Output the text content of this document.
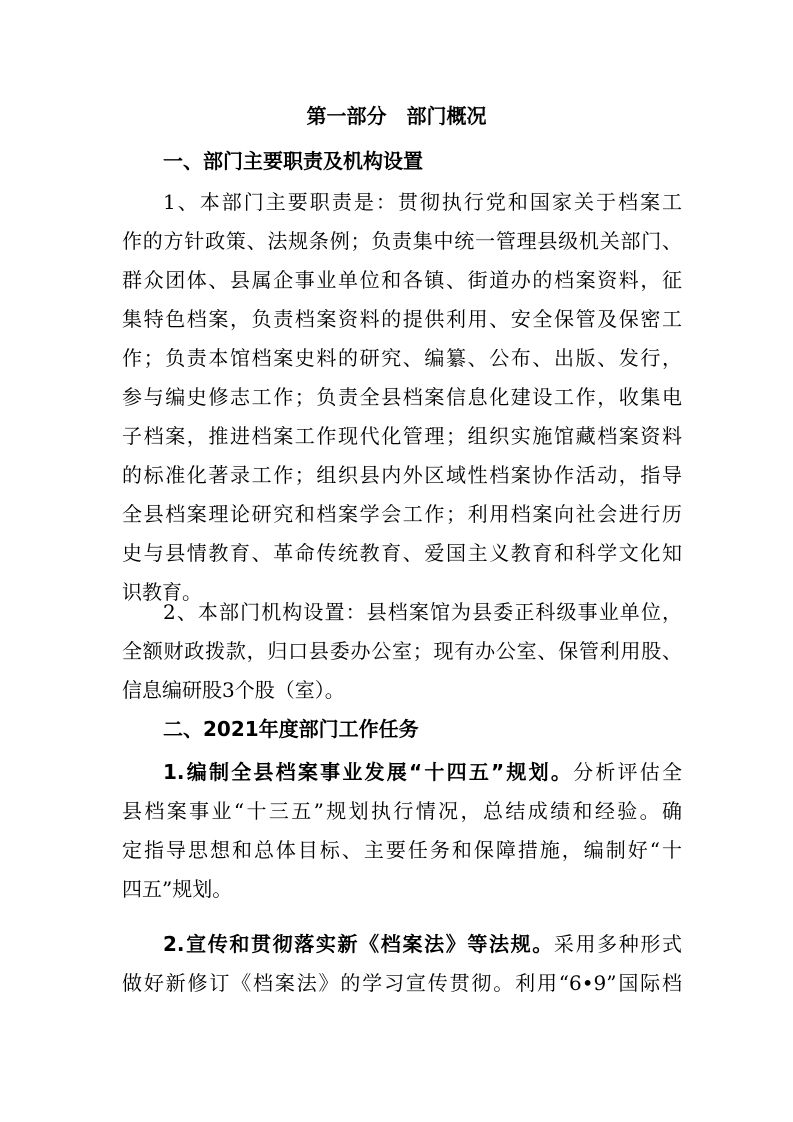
第一部分　部门概况
一、部门主要职责及机构设置
1、本部门主要职责是：贯彻执行党和国家关于档案工
作的方针政策、法规条例；负责集中统一管理县级机关部门、
群众团体、县属企事业单位和各镇、街道办的档案资料，征
集特色档案，负责档案资料的提供利用、安全保管及保密工
作；负责本馆档案史料的研究、编纂、公布、出版、发行，
参与编史修志工作；负责全县档案信息化建设工作，收集电
子档案，推进档案工作现代化管理；组织实施馆藏档案资料
的标准化著录工作；组织县内外区域性档案协作活动，指导
全县档案理论研究和档案学会工作；利用档案向社会进行历
史与县情教育、革命传统教育、爱国主义教育和科学文化知
识教育。
2、本部门机构设置：县档案馆为县委正科级事业单位，
全额财政拨款，归口县委办公室；现有办公室、保管利用股、
信息编研股3个股（室）。
二、2021年度部门工作任务
1.编制全县档案事业发展“十四五”规划。分析评估全
县档案事业“十三五”规划执行情况，总结成绩和经验。确
定指导思想和总体目标、主要任务和保障措施，编制好“十
四五”规划。
2.宣传和贯彻落实新《档案法》等法规。采用多种形式
做好新修订《档案法》的学习宣传贯彻。利用“6•9”国际档
